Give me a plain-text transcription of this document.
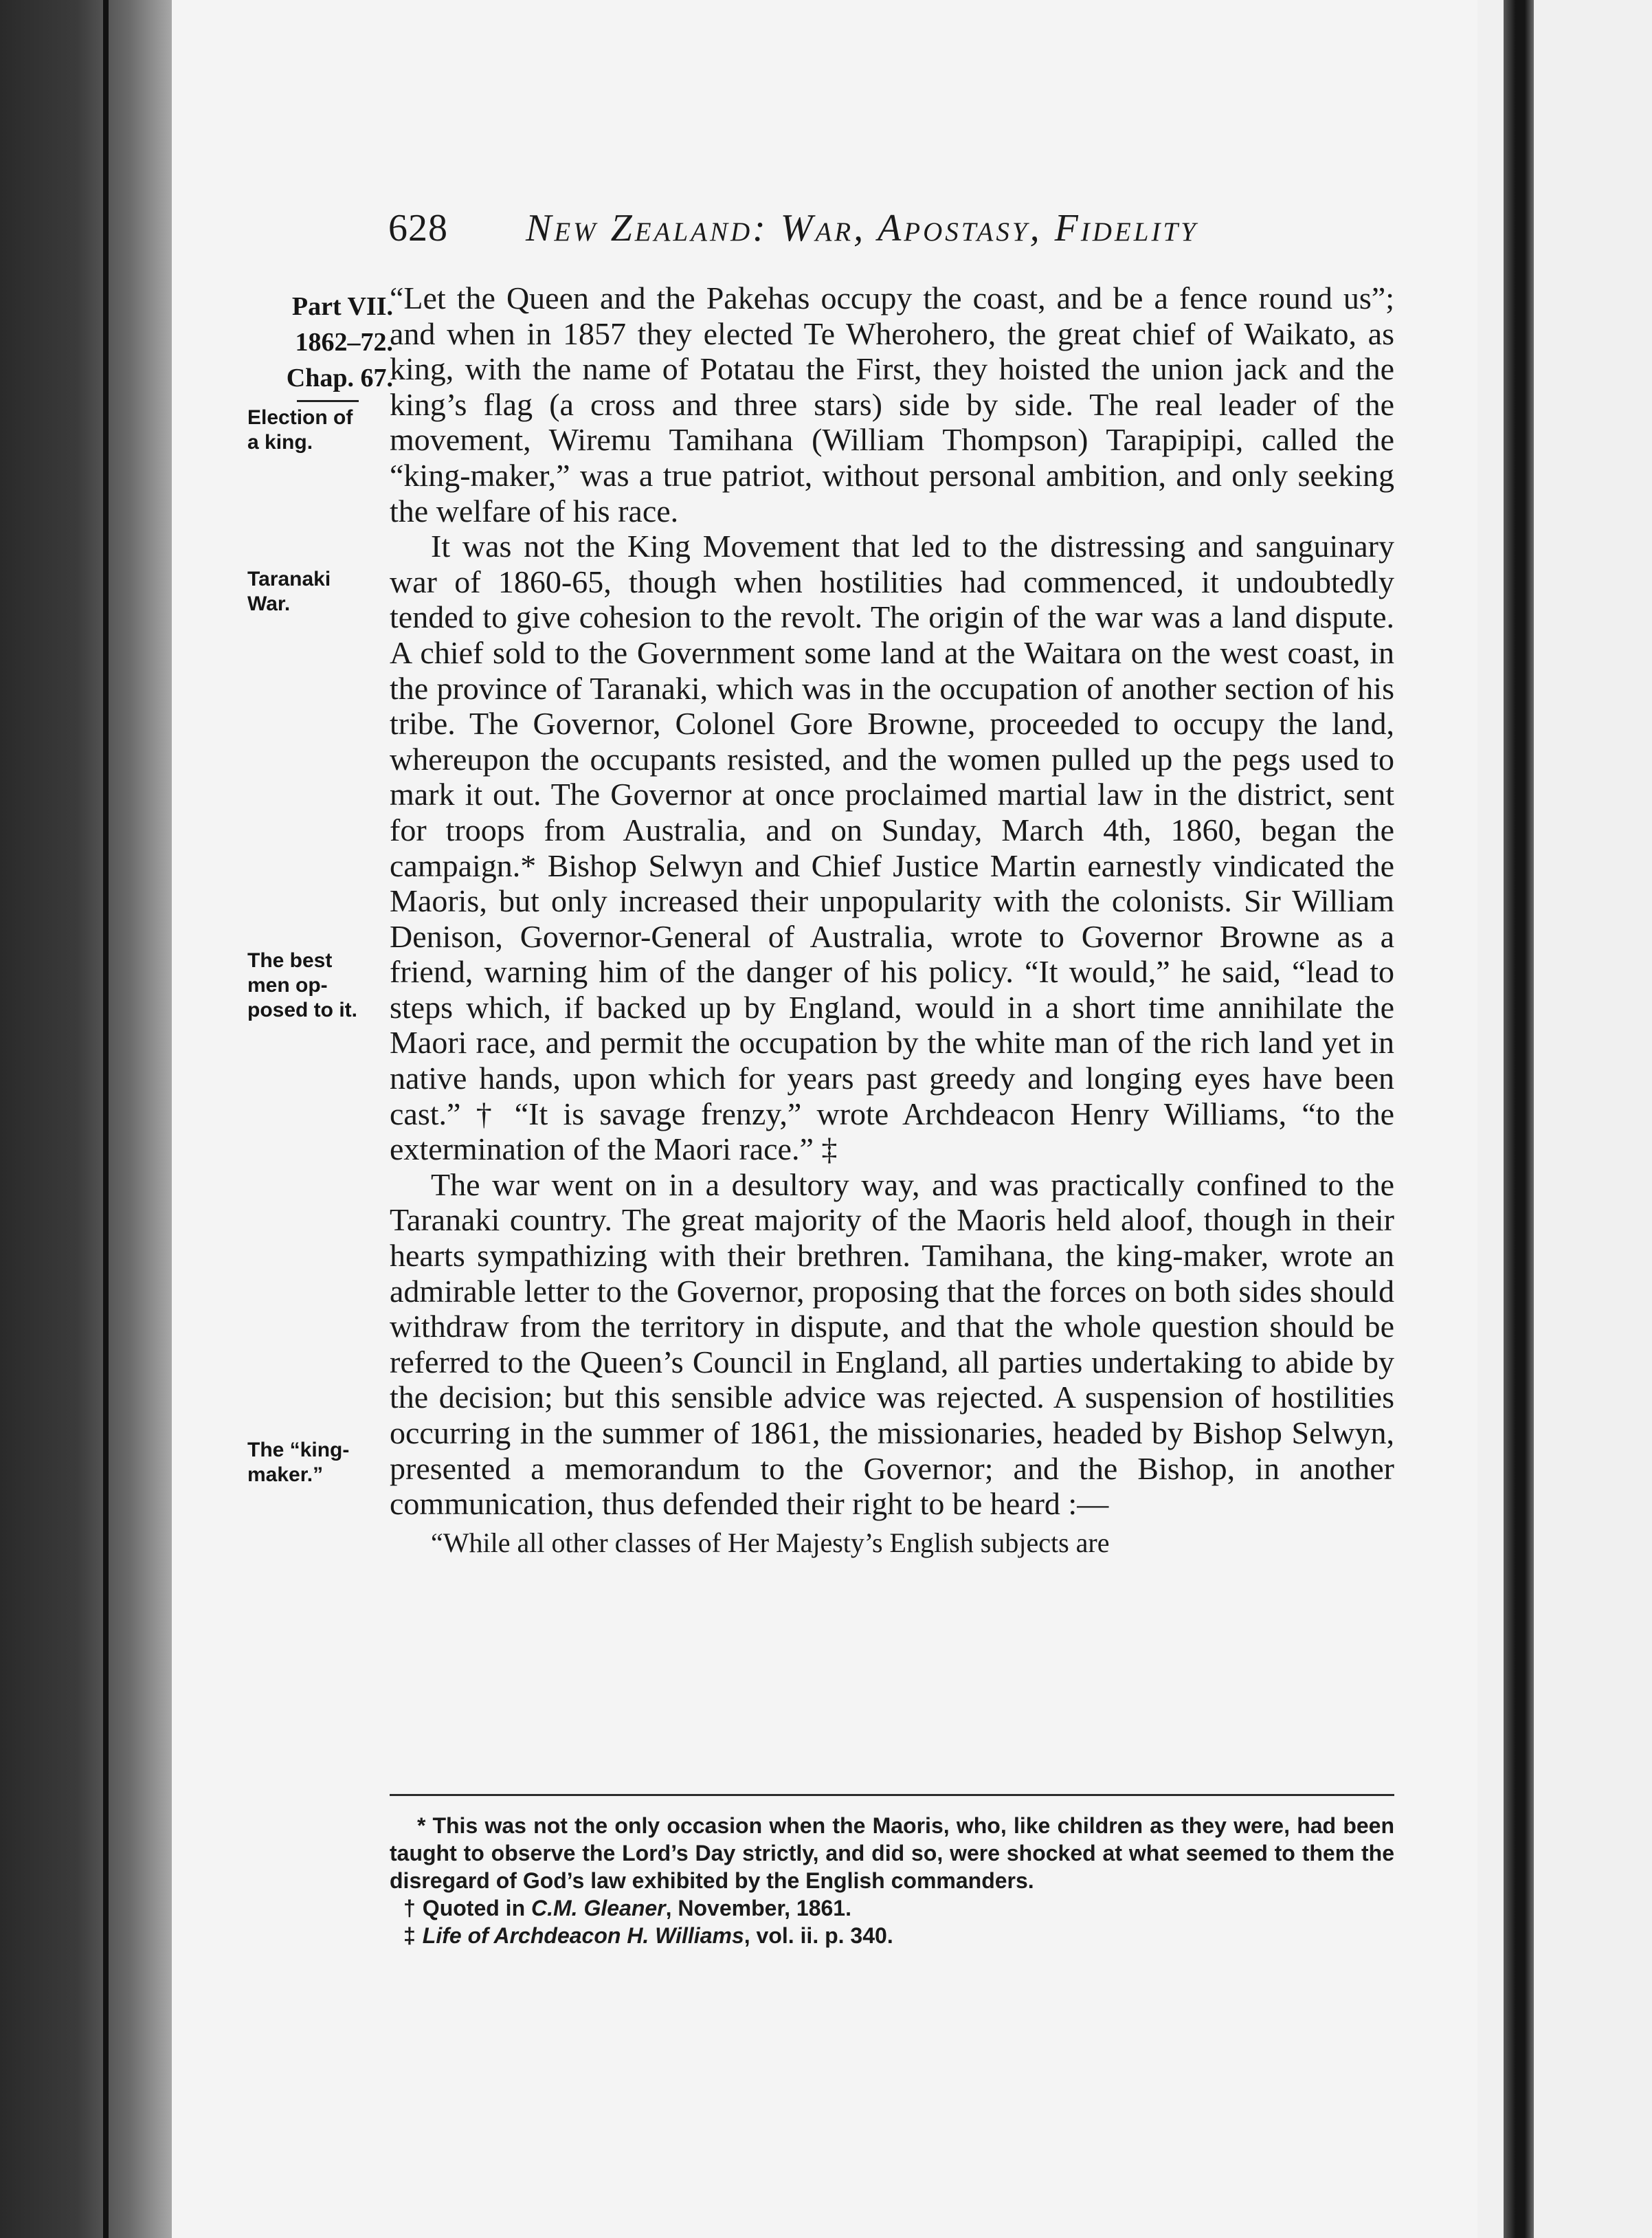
628 New Zealand: War, Apostasy, Fidelity
Part VII.
1862–72.
Chap. 67.
Election of
a king.
Taranaki
War.
The best
men op-
posed to it.
The “king-
maker.”

“Let the Queen and the Pakehas occupy the coast, and be a fence round us”; and when in 1857 they elected Te Wherohero, the great chief of Waikato, as king, with the name of Potatau the First, they hoisted the union jack and the king’s flag (a cross and three stars) side by side. The real leader of the movement, Wiremu Tamihana (William Thompson) Tarapipipi, called the “king-maker,” was a true patriot, without personal ambition, and only seeking the welfare of his race.

It was not the King Movement that led to the distressing and sanguinary war of 1860-65, though when hostilities had commenced, it undoubtedly tended to give cohesion to the revolt. The origin of the war was a land dispute. A chief sold to the Government some land at the Waitara on the west coast, in the province of Taranaki, which was in the occupation of another section of his tribe. The Governor, Colonel Gore Browne, proceeded to occupy the land, whereupon the occupants resisted, and the women pulled up the pegs used to mark it out. The Governor at once proclaimed martial law in the district, sent for troops from Australia, and on Sunday, March 4th, 1860, began the campaign.* Bishop Selwyn and Chief Justice Martin earnestly vindicated the Maoris, but only increased their unpopularity with the colonists. Sir William Denison, Governor-General of Australia, wrote to Governor Browne as a friend, warning him of the danger of his policy. “It would,” he said, “lead to steps which, if backed up by England, would in a short time annihilate the Maori race, and permit the occupation by the white man of the rich land yet in native hands, upon which for years past greedy and longing eyes have been cast.” † “It is savage frenzy,” wrote Archdeacon Henry Williams, “to the extermination of the Maori race.” ‡

The war went on in a desultory way, and was practically confined to the Taranaki country. The great majority of the Maoris held aloof, though in their hearts sympathizing with their brethren. Tamihana, the king-maker, wrote an admirable letter to the Governor, proposing that the forces on both sides should withdraw from the territory in dispute, and that the whole question should be referred to the Queen’s Council in England, all parties undertaking to abide by the decision; but this sensible advice was rejected. A suspension of hostilities occurring in the summer of 1861, the missionaries, headed by Bishop Selwyn, presented a memorandum to the Governor; and the Bishop, in another communication, thus defended their right to be heard :—

“While all other classes of Her Majesty’s English subjects are

* This was not the only occasion when the Maoris, who, like children as they were, had been taught to observe the Lord’s Day strictly, and did so, were shocked at what seemed to them the disregard of God’s law exhibited by the English commanders.

† Quoted in C.M. Gleaner, November, 1861.

‡ Life of Archdeacon H. Williams, vol. ii. p. 340.
